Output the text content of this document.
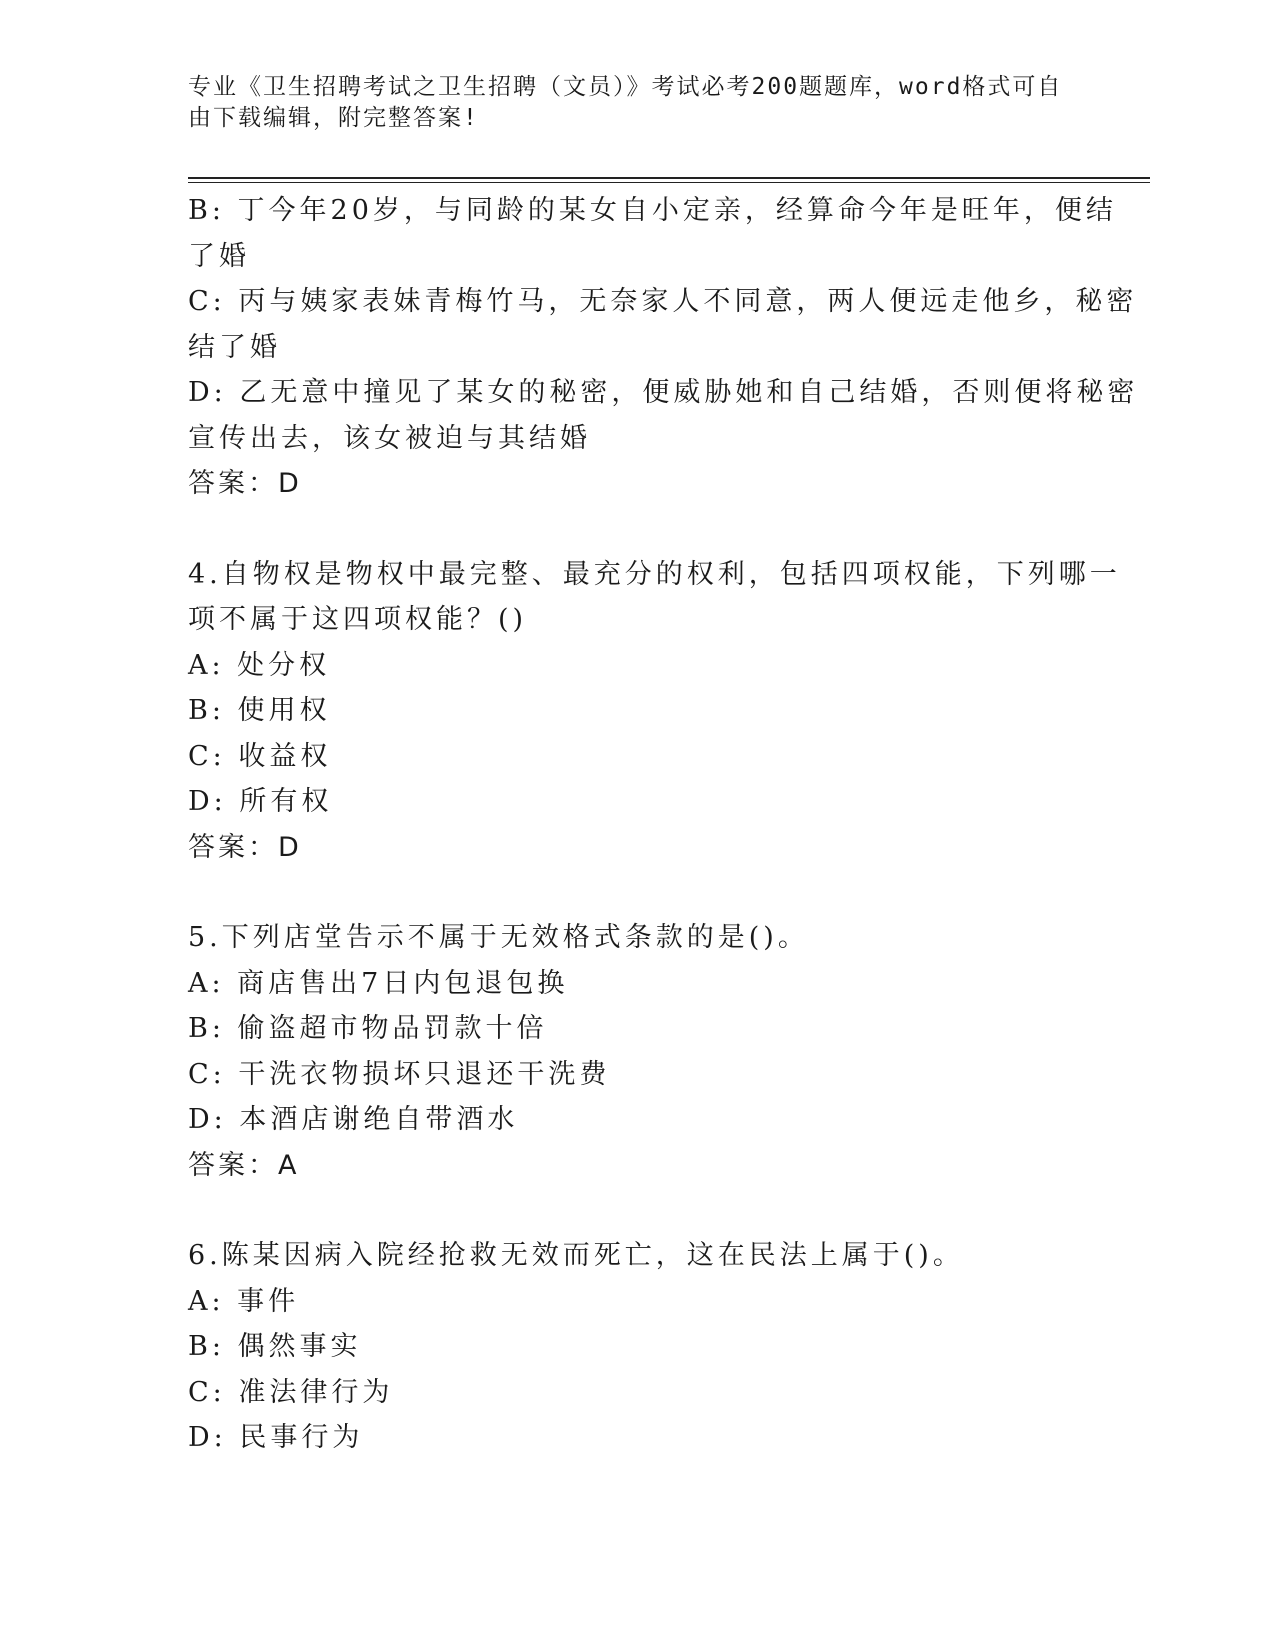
专业《卫生招聘考试之卫生招聘（文员）》考试必考200题题库，word格式可自
由下载编辑，附完整答案!

B: 丁今年20岁，与同龄的某女自小定亲，经算命今年是旺年，便结

了婚

C: 丙与姨家表妹青梅竹马，无奈家人不同意，两人便远走他乡，秘密

结了婚

D: 乙无意中撞见了某女的秘密，便威胁她和自己结婚，否则便将秘密

宣传出去，该女被迫与其结婚

答案：D

4.自物权是物权中最完整、最充分的权利，包括四项权能，下列哪一

项不属于这四项权能？()

A: 处分权

B: 使用权

C: 收益权

D: 所有权

答案：D

5.下列店堂告示不属于无效格式条款的是()。

A: 商店售出7日内包退包换

B: 偷盗超市物品罚款十倍

C: 干洗衣物损坏只退还干洗费

D: 本酒店谢绝自带酒水

答案：A

6.陈某因病入院经抢救无效而死亡，这在民法上属于()。

A: 事件

B: 偶然事实

C: 准法律行为

D: 民事行为
